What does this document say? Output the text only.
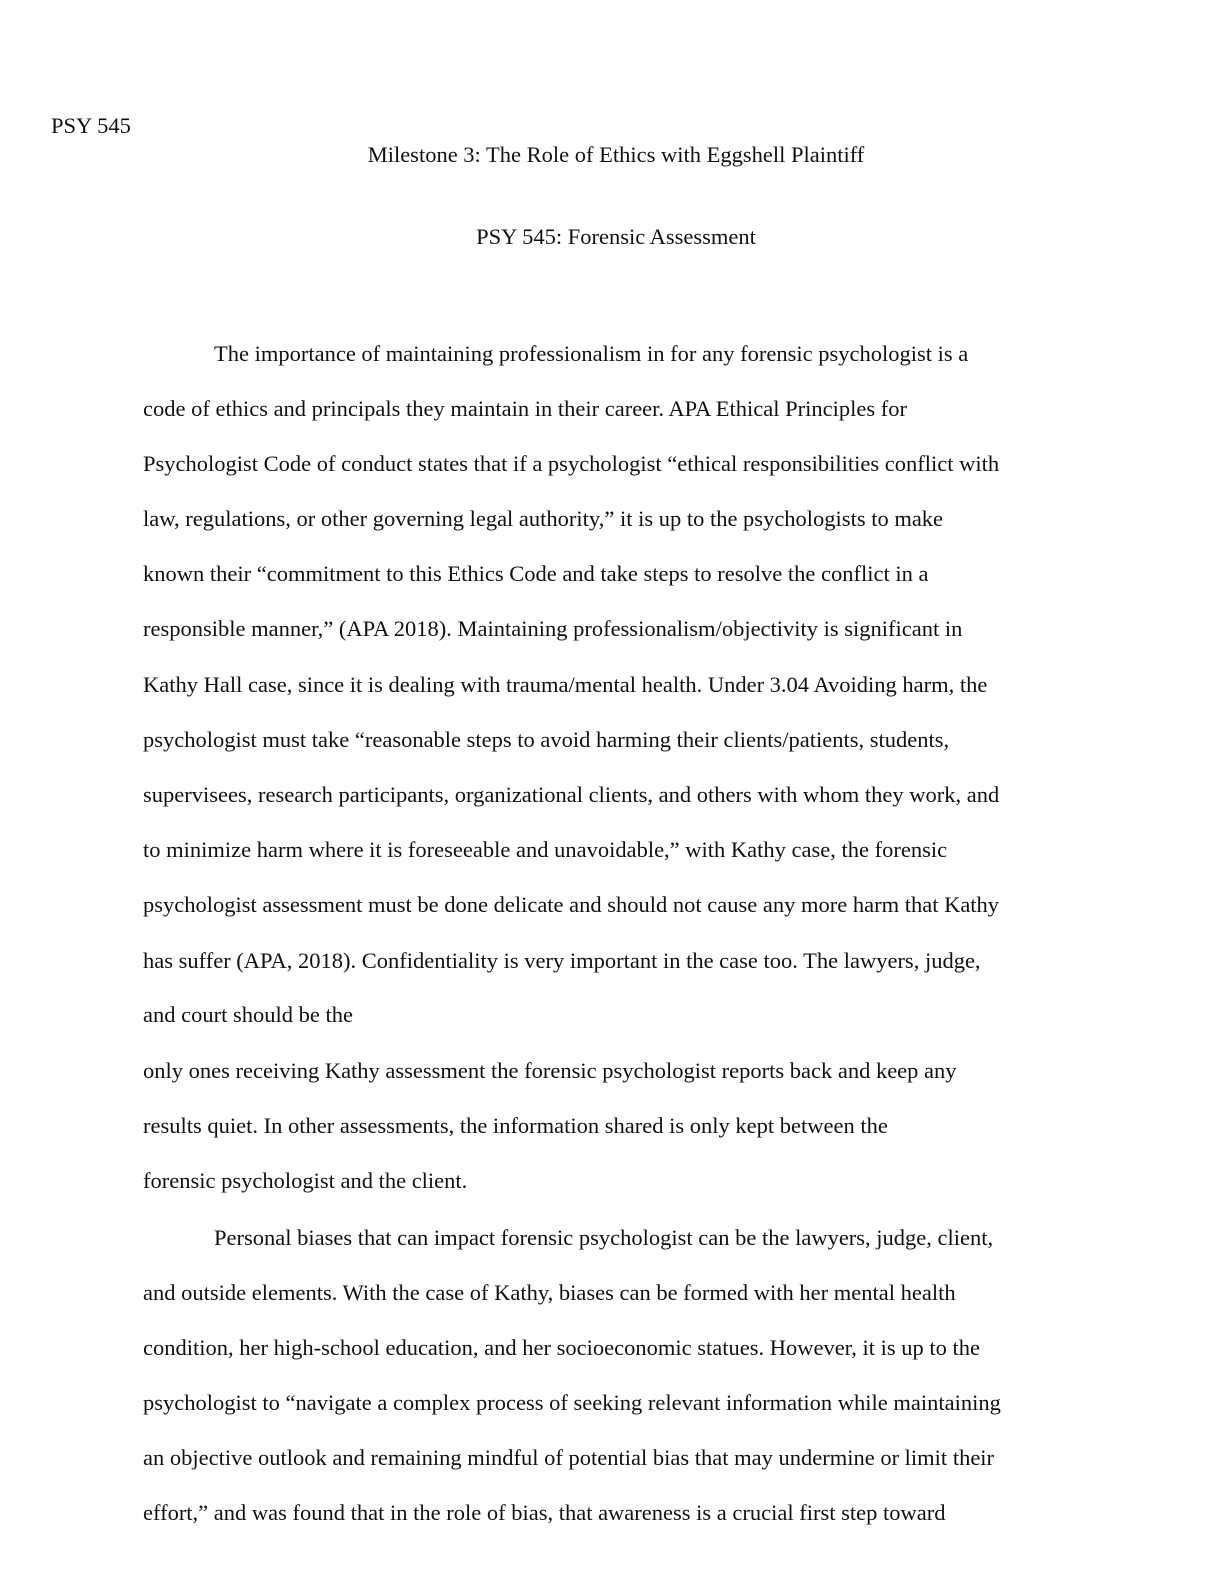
PSY 545
Milestone 3: The Role of Ethics with Eggshell Plaintiff
PSY 545: Forensic Assessment
The importance of maintaining professionalism in for any forensic psychologist is a
code of ethics and principals they maintain in their career. APA Ethical Principles for
Psychologist Code of conduct states that if a psychologist “ethical responsibilities conflict with
law, regulations, or other governing legal authority,” it is up to the psychologists to make
known their “commitment to this Ethics Code and take steps to resolve the conflict in a
responsible manner,” (APA 2018). Maintaining professionalism/objectivity is significant in
Kathy Hall case, since it is dealing with trauma/mental health. Under 3.04 Avoiding harm, the
psychologist must take “reasonable steps to avoid harming their clients/patients, students,
supervisees, research participants, organizational clients, and others with whom they work, and
to minimize harm where it is foreseeable and unavoidable,” with Kathy case, the forensic
psychologist assessment must be done delicate and should not cause any more harm that Kathy
has suffer (APA, 2018). Confidentiality is very important in the case too. The lawyers, judge,
and court should be the
only ones receiving Kathy assessment the forensic psychologist reports back and keep any
results quiet. In other assessments, the information shared is only kept between the
forensic psychologist and the client.
Personal biases that can impact forensic psychologist can be the lawyers, judge, client,
and outside elements. With the case of Kathy, biases can be formed with her mental health
condition, her high-school education, and her socioeconomic statues. However, it is up to the
psychologist to “navigate a complex process of seeking relevant information while maintaining
an objective outlook and remaining mindful of potential bias that may undermine or limit their
effort,” and was found that in the role of bias, that awareness is a crucial first step toward
